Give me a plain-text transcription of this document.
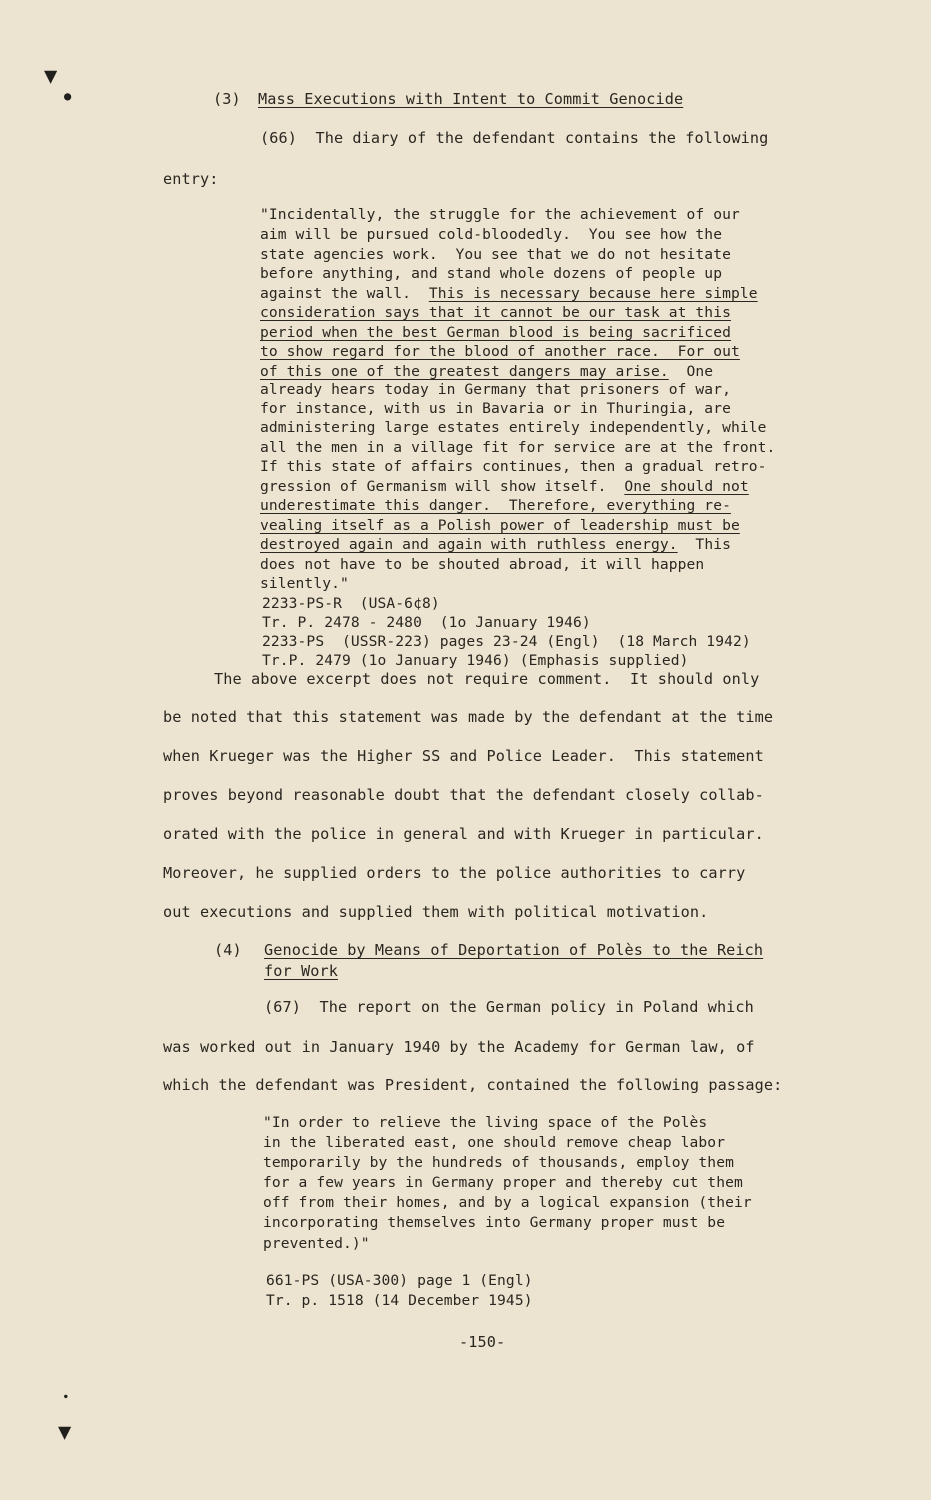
▼
●
▼
●
(3) Mass Executions with Intent to Commit Genocide
(66)  The diary of the defendant contains the following
entry:
"Incidentally, the struggle for the achievement of our
aim will be pursued cold-bloodedly.  You see how the
state agencies work.  You see that we do not hesitate
before anything, and stand whole dozens of people up
against the wall.  This is necessary because here simple
consideration says that it cannot be our task at this
period when the best German blood is being sacrificed
to show regard for the blood of another race.  For out
of this one of the greatest dangers may arise.  One
already hears today in Germany that prisoners of war,
for instance, with us in Bavaria or in Thuringia, are
administering large estates entirely independently, while
all the men in a village fit for service are at the front.
If this state of affairs continues, then a gradual retro-
gression of Germanism will show itself.  One should not
underestimate this danger.  Therefore, everything re-
vealing itself as a Polish power of leadership must be
destroyed again and again with ruthless energy.  This
does not have to be shouted abroad, it will happen
silently."
2233-PS-R  (USA-6¢8)
Tr. P. 2478 - 2480  (1o January 1946)
2233-PS  (USSR-223) pages 23-24 (Engl)  (18 March 1942)
Tr.P. 2479 (1o January 1946) (Emphasis supplied)
The above excerpt does not require comment.  It should only
be noted that this statement was made by the defendant at the time
when Krueger was the Higher SS and Police Leader.  This statement
proves beyond reasonable doubt that the defendant closely collab-
orated with the police in general and with Krueger in particular.
Moreover, he supplied orders to the police authorities to carry
out executions and supplied them with political motivation.
(4) Genocide by Means of Deportation of Polès to the Reich
for Work
(67)  The report on the German policy in Poland which
was worked out in January 1940 by the Academy for German law, of
which the defendant was President, contained the following passage:
"In order to relieve the living space of the Polès
in the liberated east, one should remove cheap labor
temporarily by the hundreds of thousands, employ them
for a few years in Germany proper and thereby cut them
off from their homes, and by a logical expansion (their
incorporating themselves into Germany proper must be
prevented.)"
661-PS (USA-300) page 1 (Engl)
Tr. p. 1518 (14 December 1945)
-150-
